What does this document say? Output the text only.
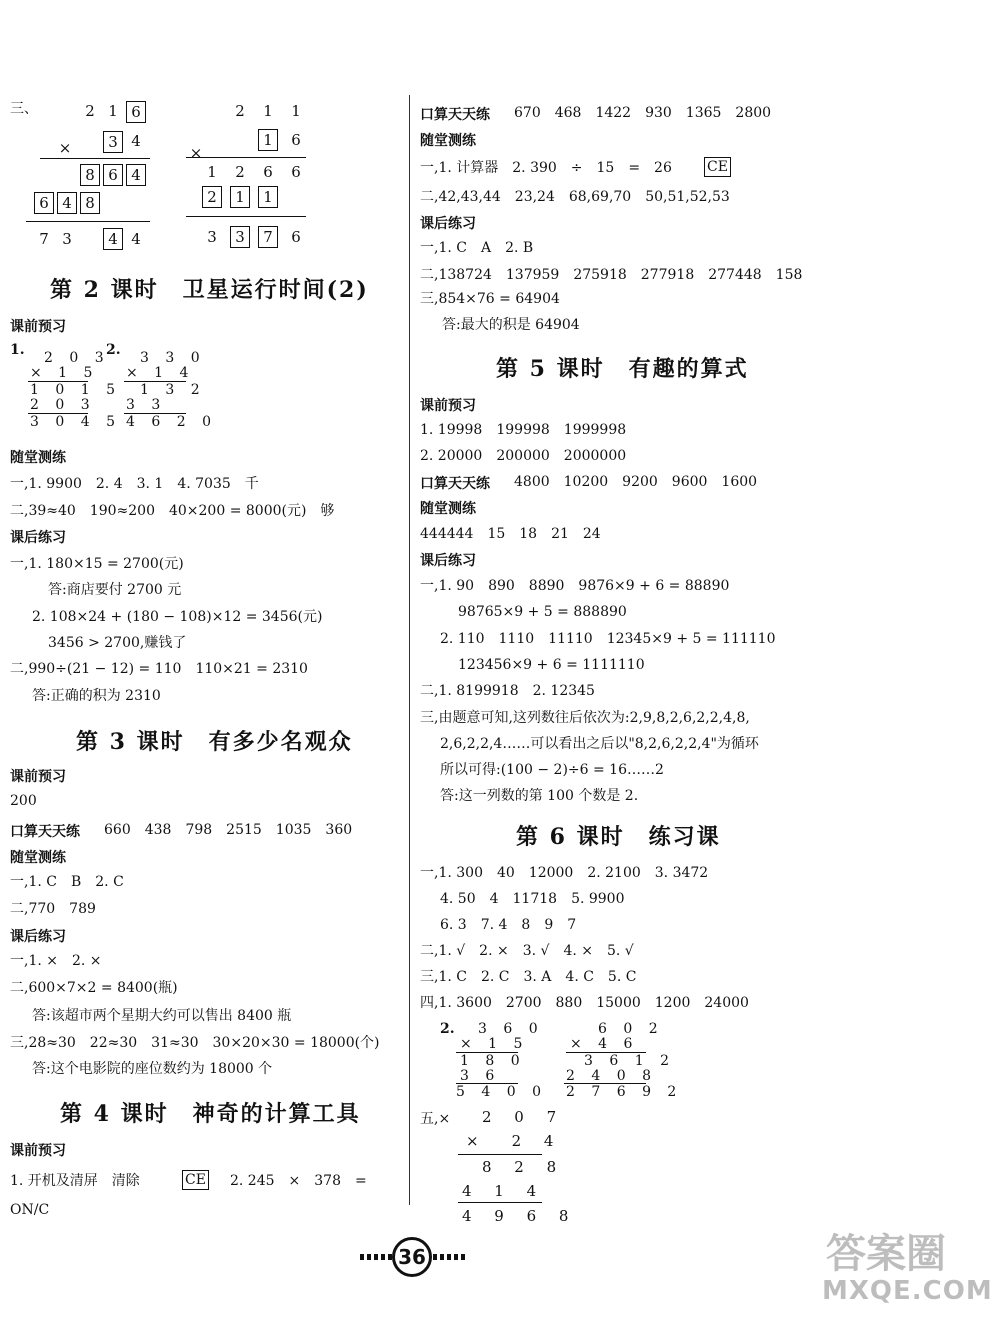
三、	2 1 6
×	3 4
8 6 4
6 4 8
7 3	4 4
2	1	1
×
1	6
1	2	6	6
2	1	1
3	3	7	6
第 2 课时　卫星运行时间(2)
课前预习
1. 2 0 3
× 1 5
1 0 1 5
2 0 3
3 0 4 5
2. 3 3 0
× 1 4
1 3 2
3 3
4 6 2 0
随堂测练
一,1. 9900　2. 4　3. 1　4. 7035　千
二,39≈40　190≈200　40×200 = 8000(元)　够
课后练习
一,1. 180×15 = 2700(元)
答:商店要付 2700 元
2. 108×24 + (180 − 108)×12 = 3456(元)
3456 > 2700,赚钱了
二,990÷(21 − 12) = 110　110×21 = 2310
答:正确的积为 2310
第 3 课时　有多少名观众
课前预习
200
口算天天练 660　438　798　2515　1035　360
随堂测练
一,1. C　B　2. C
二,770　789
课后练习
一,1. ×　2. ×
二,600×7×2 = 8400(瓶)
答:该超市两个星期大约可以售出 8400 瓶
三,28≈30　22≈30　31≈30　30×20×30 = 18000(个)
答:这个电影院的座位数约为 18000 个
第 4 课时　神奇的计算工具
课前预习
1. 开机及清屏　清除	CE 2. 245　×　378　=
ON/C
口算天天练 670　468　1422　930　1365　2800
随堂测练
一,1. 计算器　2. 390　÷　15　=　26	CE
二,42,43,44　23,24　68,69,70　50,51,52,53
课后练习
一,1. C　A　2. B
二,138724　137959　275918　277918　277448　158
三,854×76 = 64904
答:最大的积是 64904
第 5 课时　有趣的算式
课前预习
1. 19998　199998　1999998
2. 20000　200000　2000000
口算天天练 4800　10200　9200　9600　1600
随堂测练
444444　15　18　21　24
课后练习
一,1. 90　890　8890　9876×9 + 6 = 88890
98765×9 + 5 = 888890
2. 110　1110　11110　12345×9 + 5 = 111110
123456×9 + 6 = 1111110
二,1. 8199918　2. 12345
三,由题意可知,这列数往后依次为:2,9,8,2,6,2,2,4,8,
2,6,2,2,4……可以看出之后以"8,2,6,2,2,4"为循环
所以可得:(100 − 2)÷6 = 16……2
答:这一列数的第 100 个数是 2.
第 6 课时　练习课
一,1. 300　40　12000　2. 2100　3. 3472
4. 50　4　11718　5. 9900
6. 3　7. 4　8　9　7
二,1. √　2. ×　3. √　4. ×　5. √
三,1. C　2. C　3. A　4. C　5. C
四,1. 3600　2700　880　15000　1200　24000
2. 3 6 0
× 1 5
1 8 0
3 6
5 4 0 0
6 0 2
× 4 6
3 6 1 2
2 4 0 8
2 7 6 9 2
五,× 2 0 7
×　2 4
8 2 8
4 1 4
4 9 6 8
36	答案圈
MXQE.COM
